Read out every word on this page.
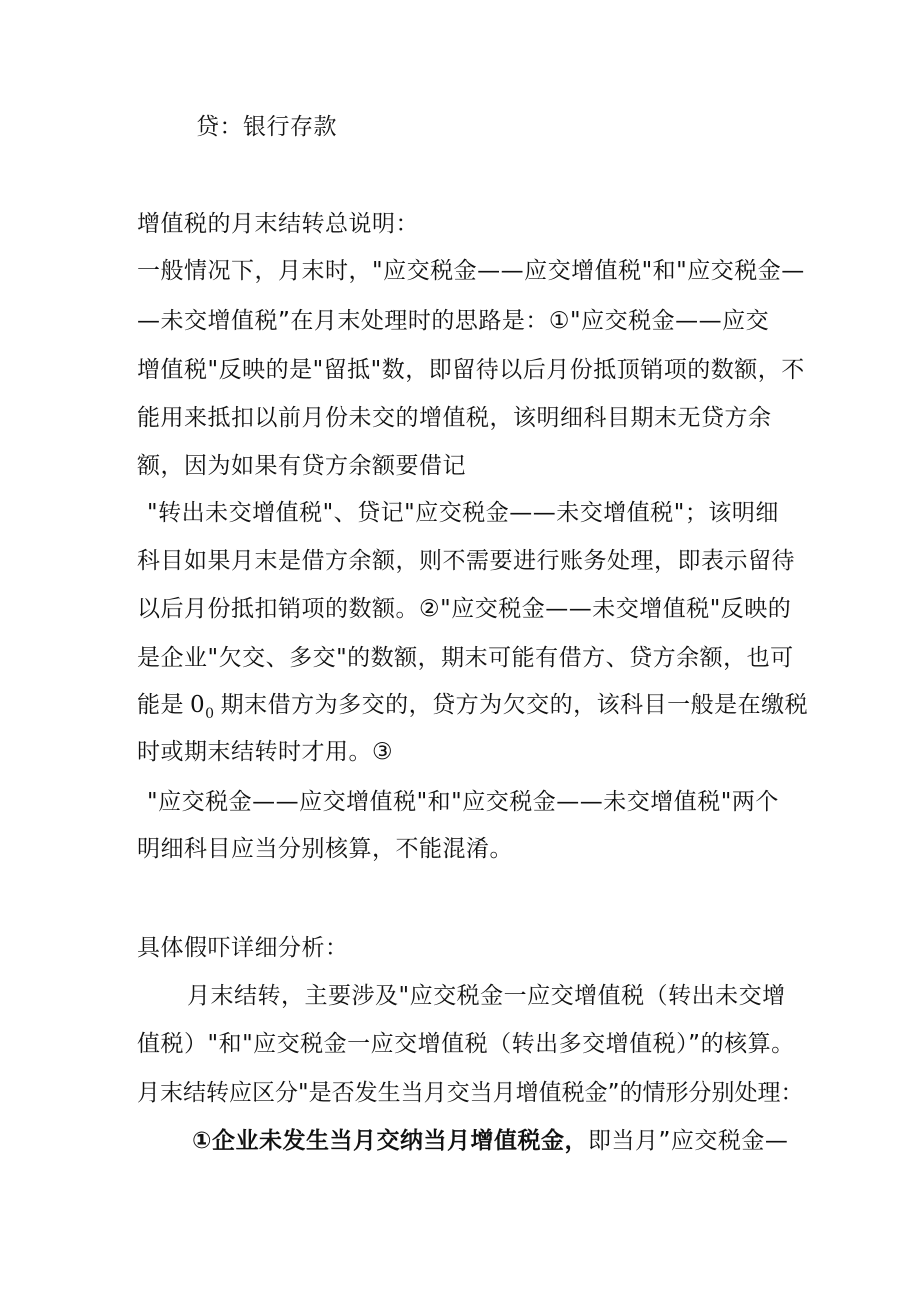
贷：银行存款
增值税的月末结转总说明：
一般情况下，月末时，"应交税金——应交增值税"和"应交税金—
—未交增值税”在月末处理时的思路是：①"应交税金——应交
增值税"反映的是"留抵"数，即留待以后月份抵顶销项的数额，不
能用来抵扣以前月份未交的增值税，该明细科目期末无贷方余
额，因为如果有贷方余额要借记
"转出未交增值税"、贷记"应交税金——未交增值税"；该明细
科目如果月末是借方余额，则不需要进行账务处理，即表示留待
以后月份抵扣销项的数额。②"应交税金——未交增值税"反映的
是企业"欠交、多交"的数额，期末可能有借方、贷方余额，也可
能是 $0_0$ 期末借方为多交的，贷方为欠交的，该科目一般是在缴税
时或期末结转时才用。③
"应交税金——应交增值税"和"应交税金——未交增值税"两个
明细科目应当分别核算，不能混淆。
具体假吓详细分析：
月末结转，主要涉及"应交税金一应交增值税（转出未交增
值税）"和"应交税金一应交增值税（转出多交增值税）”的核算。
月末结转应区分"是否发生当月交当月增值税金”的情形分别处理：
①企业未发生当月交纳当月增值税金，即当月”应交税金—
